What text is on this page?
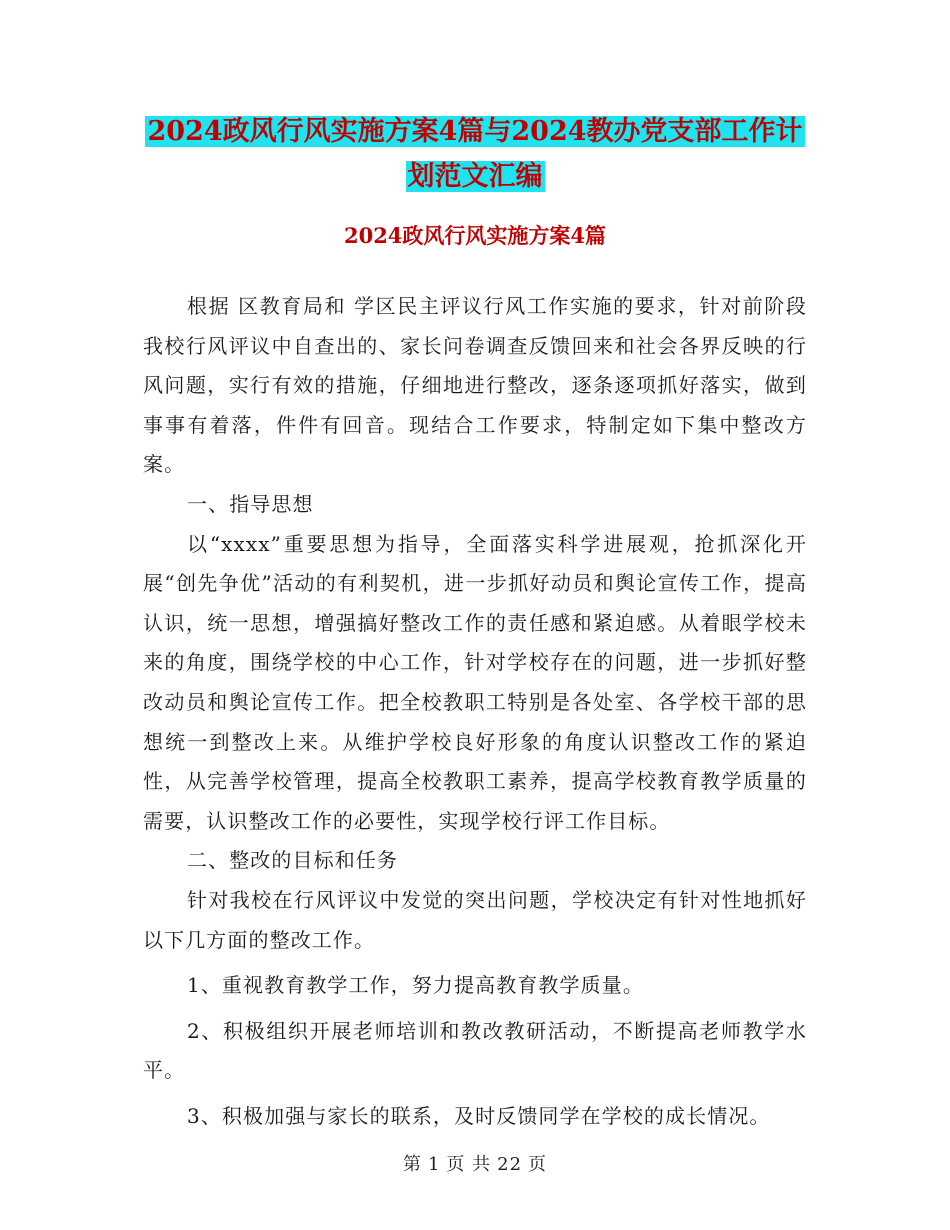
2024政风行风实施方案4篇与2024教办党支部工作计
划范文汇编
2024政风行风实施方案4篇

根据 区教育局和 学区民主评议行风工作实施的要求，针对前阶段我校行风评议中自查出的、家长问卷调查反馈回来和社会各界反映的行风问题，实行有效的措施，仔细地进行整改，逐条逐项抓好落实，做到事事有着落，件件有回音。现结合工作要求，特制定如下集中整改方案。

一、指导思想

以“xxxx”重要思想为指导，全面落实科学进展观，抢抓深化开展“创先争优”活动的有利契机，进一步抓好动员和舆论宣传工作，提高认识，统一思想，增强搞好整改工作的责任感和紧迫感。从着眼学校未来的角度，围绕学校的中心工作，针对学校存在的问题，进一步抓好整改动员和舆论宣传工作。把全校教职工特别是各处室、各学校干部的思想统一到整改上来。从维护学校良好形象的角度认识整改工作的紧迫性，从完善学校管理，提高全校教职工素养，提高学校教育教学质量的需要，认识整改工作的必要性，实现学校行评工作目标。

二、整改的目标和任务

针对我校在行风评议中发觉的突出问题，学校决定有针对性地抓好以下几方面的整改工作。

1、重视教育教学工作，努力提高教育教学质量。

2、积极组织开展老师培训和教改教研活动，不断提高老师教学水平。

3、积极加强与家长的联系，及时反馈同学在学校的成长情况。

第 1 页 共 22 页
